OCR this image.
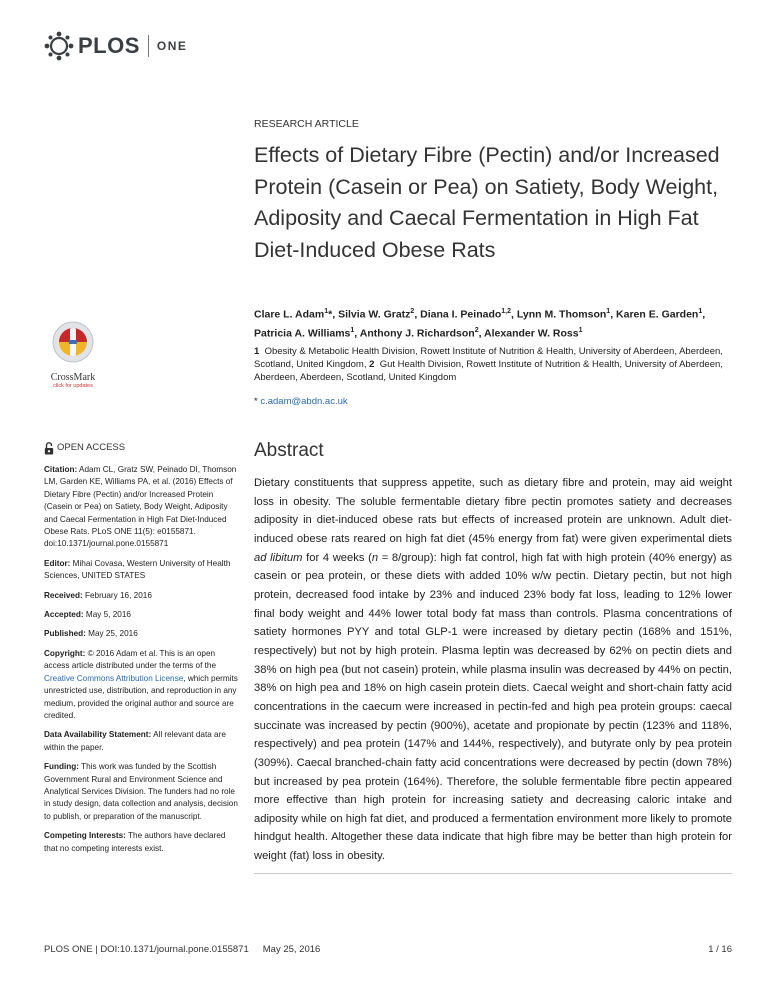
PLOS ONE
RESEARCH ARTICLE
Effects of Dietary Fibre (Pectin) and/or Increased Protein (Casein or Pea) on Satiety, Body Weight, Adiposity and Caecal Fermentation in High Fat Diet-Induced Obese Rats
Clare L. Adam$^1$*, Silvia W. Gratz$^2$, Diana I. Peinado$^{1,2}$, Lynn M. Thomson$^1$, Karen E. Garden$^1$, Patricia A. Williams$^1$, Anthony J. Richardson$^2$, Alexander W. Ross$^1$
1 Obesity & Metabolic Health Division, Rowett Institute of Nutrition & Health, University of Aberdeen, Aberdeen, Scotland, United Kingdom, 2 Gut Health Division, Rowett Institute of Nutrition & Health, University of Aberdeen, Aberdeen, Aberdeen, Scotland, United Kingdom
* c.adam@abdn.ac.uk
CrossMark
click for updates
OPEN ACCESS
Citation: Adam CL, Gratz SW, Peinado DI, Thomson LM, Garden KE, Williams PA, et al. (2016) Effects of Dietary Fibre (Pectin) and/or Increased Protein (Casein or Pea) on Satiety, Body Weight, Adiposity and Caecal Fermentation in High Fat Diet-Induced Obese Rats. PLoS ONE 11(5): e0155871. doi:10.1371/journal.pone.0155871
Editor: Mihai Covasa, Western University of Health Sciences, UNITED STATES
Received: February 16, 2016
Accepted: May 5, 2016
Published: May 25, 2016
Copyright: © 2016 Adam et al. This is an open access article distributed under the terms of the Creative Commons Attribution License, which permits unrestricted use, distribution, and reproduction in any medium, provided the original author and source are credited.
Data Availability Statement: All relevant data are within the paper.
Funding: This work was funded by the Scottish Government Rural and Environment Science and Analytical Services Division. The funders had no role in study design, data collection and analysis, decision to publish, or preparation of the manuscript.
Competing Interests: The authors have declared that no competing interests exist.
Abstract

Dietary constituents that suppress appetite, such as dietary fibre and protein, may aid weight loss in obesity. The soluble fermentable dietary fibre pectin promotes satiety and decreases adiposity in diet-induced obese rats but effects of increased protein are unknown. Adult diet-induced obese rats reared on high fat diet (45% energy from fat) were given experimental diets ad libitum for 4 weeks (n = 8/group): high fat control, high fat with high protein (40% energy) as casein or pea protein, or these diets with added 10% w/w pectin. Dietary pectin, but not high protein, decreased food intake by 23% and induced 23% body fat loss, leading to 12% lower final body weight and 44% lower total body fat mass than controls. Plasma concentrations of satiety hormones PYY and total GLP-1 were increased by dietary pectin (168% and 151%, respectively) but not by high protein. Plasma leptin was decreased by 62% on pectin diets and 38% on high pea (but not casein) protein, while plasma insulin was decreased by 44% on pectin, 38% on high pea and 18% on high casein protein diets. Caecal weight and short-chain fatty acid concentrations in the caecum were increased in pectin-fed and high pea protein groups: caecal succinate was increased by pectin (900%), acetate and propionate by pectin (123% and 118%, respectively) and pea protein (147% and 144%, respectively), and butyrate only by pea protein (309%). Caecal branched-chain fatty acid concentrations were decreased by pectin (down 78%) but increased by pea protein (164%). Therefore, the soluble fermentable fibre pectin appeared more effective than high protein for increasing satiety and decreasing caloric intake and adiposity while on high fat diet, and produced a fermentation environment more likely to promote hindgut health. Altogether these data indicate that high fibre may be better than high protein for weight (fat) loss in obesity.

PLOS ONE | DOI:10.1371/journal.pone.0155871 May 25, 2016	1 / 16
